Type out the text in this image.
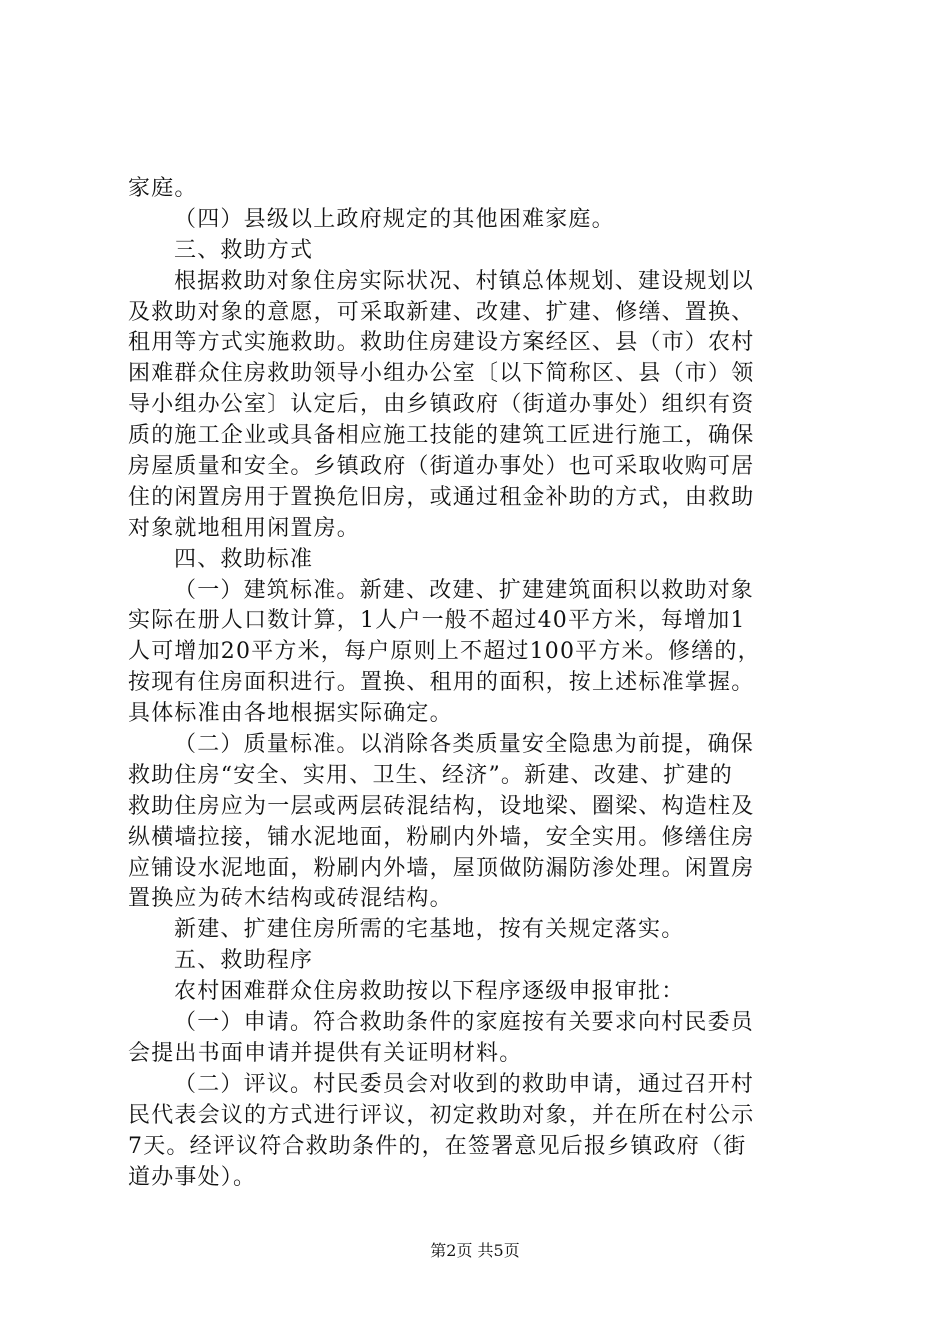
家庭。
（四）县级以上政府规定的其他困难家庭。
三、救助方式
根据救助对象住房实际状况、村镇总体规划、建设规划以
及救助对象的意愿，可采取新建、改建、扩建、修缮、置换、
租用等方式实施救助。救助住房建设方案经区、县（市）农村
困难群众住房救助领导小组办公室〔以下简称区、县（市）领
导小组办公室〕认定后，由乡镇政府（街道办事处）组织有资
质的施工企业或具备相应施工技能的建筑工匠进行施工，确保
房屋质量和安全。乡镇政府（街道办事处）也可采取收购可居
住的闲置房用于置换危旧房，或通过租金补助的方式，由救助
对象就地租用闲置房。
四、救助标准
（一）建筑标准。新建、改建、扩建建筑面积以救助对象
实际在册人口数计算，1人户一般不超过40平方米，每增加1
人可增加20平方米，每户原则上不超过100平方米。修缮的，
按现有住房面积进行。置换、租用的面积，按上述标准掌握。
具体标准由各地根据实际确定。
（二）质量标准。以消除各类质量安全隐患为前提，确保
救助住房“安全、实用、卫生、经济”。新建、改建、扩建的
救助住房应为一层或两层砖混结构，设地梁、圈梁、构造柱及
纵横墙拉接，铺水泥地面，粉刷内外墙，安全实用。修缮住房
应铺设水泥地面，粉刷内外墙，屋顶做防漏防渗处理。闲置房
置换应为砖木结构或砖混结构。
新建、扩建住房所需的宅基地，按有关规定落实。
五、救助程序
农村困难群众住房救助按以下程序逐级申报审批：
（一）申请。符合救助条件的家庭按有关要求向村民委员
会提出书面申请并提供有关证明材料。
（二）评议。村民委员会对收到的救助申请，通过召开村
民代表会议的方式进行评议，初定救助对象，并在所在村公示
7天。经评议符合救助条件的，在签署意见后报乡镇政府（街
道办事处）。
第2页 共5页
